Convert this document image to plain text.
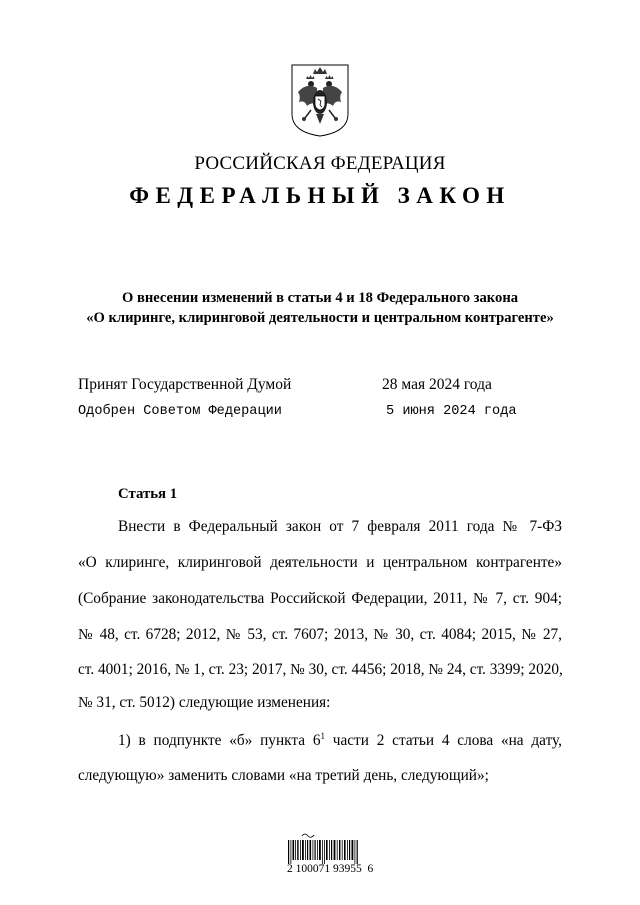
РОССИЙСКАЯ ФЕДЕРАЦИЯ
ФЕДЕРАЛЬНЫЙ ЗАКОН
О внесении изменений в статьи 4 и 18 Федерального закона
«О клиринге, клиринговой деятельности и центральном контрагенте»
Принят Государственной Думой	28 мая 2024 года
Одобрен Советом Федерации	5 июня 2024 года
Статья 1
Внести в Федеральный закон от 7 февраля 2011 года № 7-ФЗ
«О клиринге, клиринговой деятельности и центральном контрагенте»
(Собрание законодательства Российской Федерации, 2011, № 7, ст. 904;
№ 48, ст. 6728; 2012, № 53, ст. 7607; 2013, № 30, ст. 4084; 2015, № 27,
ст. 4001; 2016, № 1, ст. 23; 2017, № 30, ст. 4456; 2018, № 24, ст. 3399; 2020,
№ 31, ст. 5012) следующие изменения:
1) в подпункте «б» пункта $6^1$ части 2 статьи 4 слова «на дату,
следующую» заменить словами «на третий день, следующий»;
2 100071 93955  6
